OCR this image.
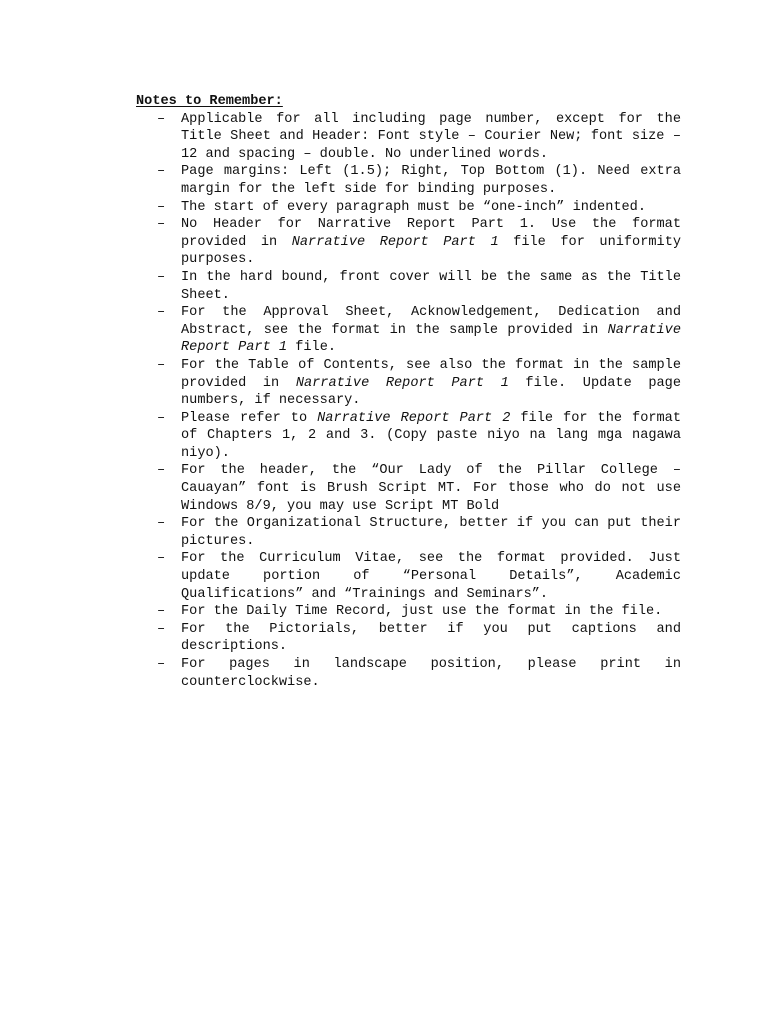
Notes to Remember:

– Applicable for all including page number, except for the Title Sheet and Header: Font style – Courier New; font size – 12 and spacing – double. No underlined words.
– Page margins: Left (1.5); Right, Top Bottom (1). Need extra margin for the left side for binding purposes.
– The start of every paragraph must be “one-inch” indented.
– No Header for Narrative Report Part 1. Use the format provided in Narrative Report Part 1 file for uniformity purposes.
– In the hard bound, front cover will be the same as the Title Sheet.
– For the Approval Sheet, Acknowledgement, Dedication and Abstract, see the format in the sample provided in Narrative Report Part 1 file.
– For the Table of Contents, see also the format in the sample provided in Narrative Report Part 1 file. Update page numbers, if necessary.
– Please refer to Narrative Report Part 2 file for the format of Chapters 1, 2 and 3. (Copy paste niyo na lang mga nagawa niyo).
– For the header, the “Our Lady of the Pillar College – Cauayan” font is Brush Script MT. For those who do not use Windows 8/9, you may use Script MT Bold
– For the Organizational Structure, better if you can put their pictures.
– For the Curriculum Vitae, see the format provided. Just update portion of “Personal Details”, Academic Qualifications” and “Trainings and Seminars”.
– For the Daily Time Record, just use the format in the file.
– For the Pictorials, better if you put captions and descriptions.
– For pages in landscape position, please print in counterclockwise.
